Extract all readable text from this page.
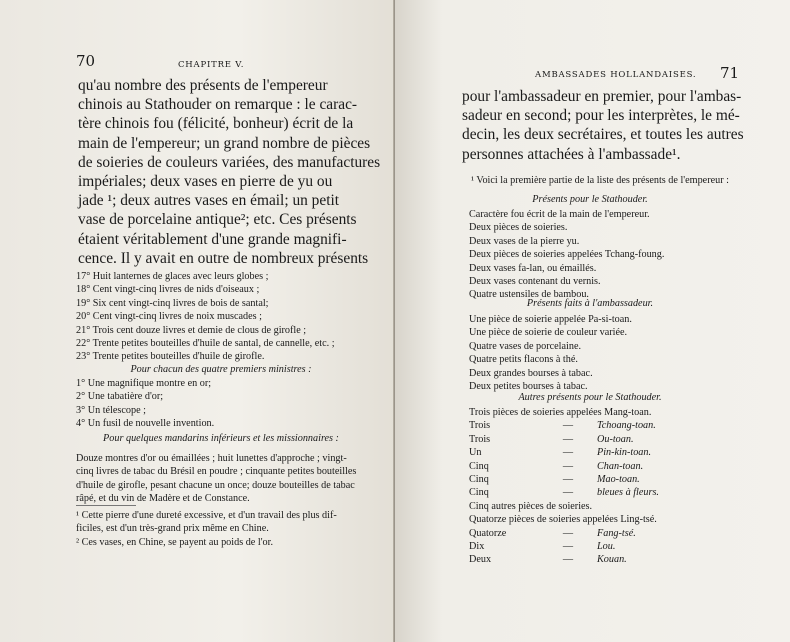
70	CHAPITRE V.
qu'au nombre des présents de l'empereur
chinois au Stathouder on remarque : le carac-
tère chinois fou (félicité, bonheur) écrit de la
main de l'empereur; un grand nombre de pièces
de soieries de couleurs variées, des manufactures
impériales; deux vases en pierre de yu ou
jade ¹; deux autres vases en émail; un petit
vase de porcelaine antique²; etc. Ces présents
étaient véritablement d'une grande magnifi-
cence. Il y avait en outre de nombreux présents
17° Huit lanternes de glaces avec leurs globes ;
18° Cent vingt-cinq livres de nids d'oiseaux ;
19° Six cent vingt-cinq livres de bois de santal;
20° Cent vingt-cinq livres de noix muscades ;
21° Trois cent douze livres et demie de clous de girofle ;
22° Trente petites bouteilles d'huile de santal, de cannelle, etc. ;
23° Trente petites bouteilles d'huile de girofle.
Pour chacun des quatre premiers ministres :
1° Une magnifique montre en or;
2° Une tabatière d'or;
3° Un télescope ;
4° Un fusil de nouvelle invention.
Pour quelques mandarins inférieurs et les missionnaires :
Douze montres d'or ou émaillées ; huit lunettes d'approche ; vingt-
cinq livres de tabac du Brésil en poudre ; cinquante petites bouteilles
d'huile de girofle, pesant chacune un once; douze bouteilles de tabac
râpé, et du vin de Madère et de Constance.
¹ Cette pierre d'une dureté excessive, et d'un travail des plus dif-
ficiles, est d'un très-grand prix même en Chine.
² Ces vases, en Chine, se payent au poids de l'or.
AMBASSADES HOLLANDAISES. 71
pour l'ambassadeur en premier, pour l'ambas-
sadeur en second; pour les interprètes, le mé-
decin, les deux secrétaires, et toutes les autres
personnes attachées à l'ambassade¹.
¹ Voici la première partie de la liste des présents de l'empereur :
Présents pour le Stathouder.
Caractère fou écrit de la main de l'empereur.
Deux pièces de soieries.
Deux vases de la pierre yu.
Deux pièces de soieries appelées Tchang-foung.
Deux vases fa-lan, ou émaillés.
Deux vases contenant du vernis.
Quatre ustensiles de bambou.
Présents faits à l'ambassadeur.
Une pièce de soierie appelée Pa-si-toan.
Une pièce de soierie de couleur variée.
Quatre vases de porcelaine.
Quatre petits flacons à thé.
Deux grandes bourses à tabac.
Deux petites bourses à tabac.
Autres présents pour le Stathouder.
Trois pièces de soieries appelées Mang-toan.
Trois	— Tchoang-toan.
Trois	— Ou-toan.
Un	— Pin-kin-toan.
Cinq	— Chan-toan.
Cinq	— Mao-toan.
Cinq	— bleues à fleurs.
Cinq autres pièces de soieries.
Quatorze pièces de soieries appelées Ling-tsé.
Quatorze	— Fang-tsé.
Dix	— Lou.
Deux	— Kouan.
